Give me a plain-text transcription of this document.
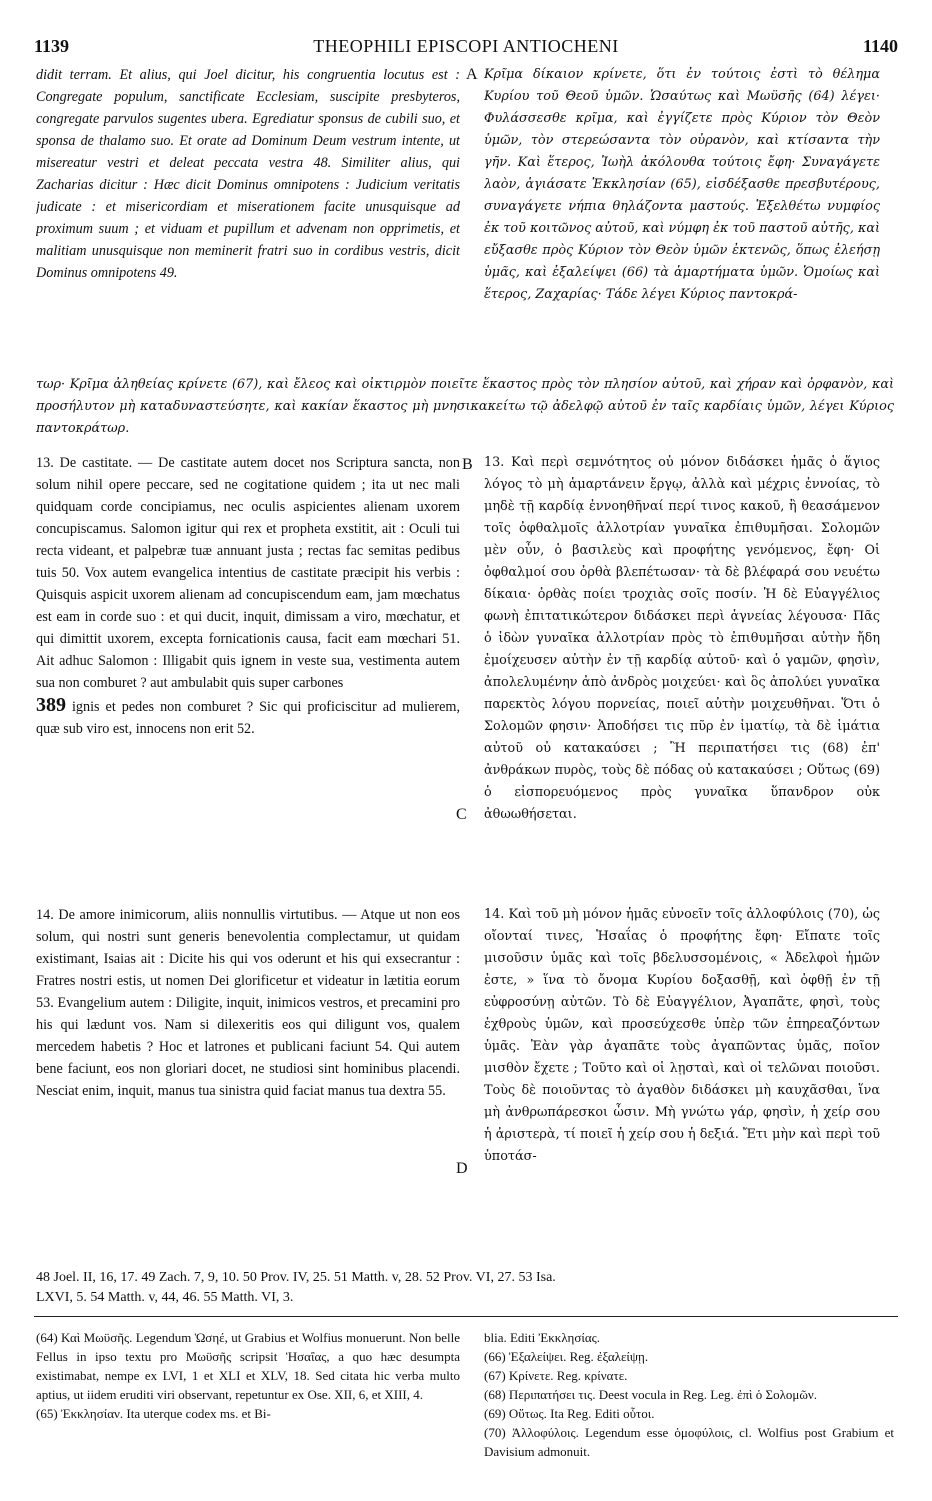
1139	THEOPHILI EPISCOPI ANTIOCHENI	1140

didit terram. Et alius, qui Joel dicitur, his congruentia locutus est : Congregate populum, sanctificate Ecclesiam, suscipite presbyteros, congregate parvulos sugentes ubera. Egrediatur sponsus de cubili suo, et sponsa de thalamo suo. Et orate ad Dominum Deum vestrum intente, ut misereatur vestri et deleat peccata vestra 48. Similiter alius, qui Zacharias dicitur : Hæc dicit Dominus omnipotens : Judicium veritatis judicate : et misericordiam et miserationem facite unusquisque ad proximum suum ; et viduam et pupillum et advenam non opprimetis, et malitiam unusquisque non meminerit fratri suo in cordibus vestris, dicit Dominus omnipotens 49.

A Κρῖμα δίκαιον κρίνετε, ὅτι ἐν τούτοις ἐστὶ τὸ θέλημα Κυρίου τοῦ Θεοῦ ὑμῶν. Ὡσαύτως καὶ Μωϋσῆς (64) λέγει· Φυλάσσεσθε κρῖμα, καὶ ἐγγίζετε πρὸς Κύριον τὸν Θεὸν ὑμῶν, τὸν στερεώσαντα τὸν οὐρανὸν, καὶ κτίσαντα τὴν γῆν. Καὶ ἕτερος, Ἰωὴλ ἀκόλουθα τούτοις ἔφη· Συναγάγετε λαὸν, ἁγιάσατε Ἐκκλησίαν (65), εἰσδέξασθε πρεσβυτέρους, συναγάγετε νήπια θηλάζοντα μαστούς. Ἐξελθέτω νυμφίος ἐκ τοῦ κοιτῶνος αὐτοῦ, καὶ νύμφη ἐκ τοῦ παστοῦ αὐτῆς, καὶ εὔξασθε πρὸς Κύριον τὸν Θεὸν ὑμῶν ἐκτενῶς, ὅπως ἐλεήσῃ ὑμᾶς, καὶ ἐξαλείψει (66) τὰ ἁμαρτήματα ὑμῶν. Ὁμοίως καὶ ἕτερος, Ζαχαρίας· Τάδε λέγει Κύριος παντοκρά-

τωρ· Κρῖμα ἀληθείας κρίνετε (67), καὶ ἔλεος καὶ οἰκτιρμὸν ποιεῖτε ἕκαστος πρὸς τὸν πλησίον αὐτοῦ, καὶ χήραν καὶ ὀρφανὸν, καὶ προσήλυτον μὴ καταδυναστεύσητε, καὶ κακίαν ἕκαστος μὴ μνησικακείτω τῷ ἀδελφῷ αὐτοῦ ἐν ταῖς καρδίαις ὑμῶν, λέγει Κύριος παντοκράτωρ.

13. De castitate. — De castitate autem docet nos Scriptura sancta, non solum nihil opere peccare, sed ne cogitatione quidem ; ita ut nec mali quidquam corde concipiamus, nec oculis aspicientes alienam uxorem concupiscamus. Salomon igitur qui rex et propheta exstitit, ait : Oculi tui recta videant, et palpebræ tuæ annuant justa ; rectas fac semitas pedibus tuis 50. Vox autem evangelica intentius de castitate præcipit his verbis : Quisquis aspicit uxorem alienam ad concupiscendum eam, jam mœchatus est eam in corde suo : et qui ducit, inquit, dimissam a viro, mœchatur, et qui dimittit uxorem, excepta fornicationis causa, facit eam mœchari 51. Ait adhuc Salomon : Illigabit quis ignem in veste sua, vestimenta autem sua non comburet ? aut ambulabit quis super carbones

389 ignis et pedes non comburet ? Sic qui proficiscitur ad mulierem, quæ sub viro est, innocens non erit 52.

B 13. Καὶ περὶ σεμνότητος οὐ μόνον διδάσκει ἡμᾶς ὁ ἅγιος λόγος τὸ μὴ ἁμαρτάνειν ἔργῳ, ἀλλὰ καὶ μέχρις ἐννοίας, τὸ μηδὲ τῇ καρδίᾳ ἐννοηθῆναί περί τινος κακοῦ, ἢ θεασάμενον τοῖς ὀφθαλμοῖς ἀλλοτρίαν γυναῖκα ἐπιθυμῆσαι. Σολομῶν μὲν οὖν, ὁ βασιλεὺς καὶ προφήτης γενόμενος, ἔφη· Οἱ ὀφθαλμοί σου ὀρθὰ βλεπέτωσαν· τὰ δὲ βλέφαρά σου νευέτω δίκαια· ὀρθὰς ποίει τροχιὰς σοῖς ποσίν. Ἡ δὲ Εὐαγγέλιος φωνὴ ἐπιτατικώτερον διδάσκει περὶ ἁγνείας λέγουσα· Πᾶς ὁ ἰδὼν γυναῖκα ἀλλοτρίαν πρὸς τὸ ἐπιθυμῆσαι αὐτὴν ἤδη ἐμοίχευσεν αὐτὴν ἐν τῇ καρδίᾳ αὐτοῦ· καὶ ὁ γαμῶν, φησὶν, ἀπολελυμένην ἀπὸ ἀνδρὸς μοιχεύει· καὶ ὃς ἀπολύει γυναῖκα παρεκτὸς λόγου πορνείας, ποιεῖ αὐτὴν μοιχευθῆναι. Ὅτι ὁ Σολομῶν φησιν· Ἀποδήσει τις πῦρ ἐν ἱματίῳ, τὰ δὲ ἱμάτια αὐτοῦ οὐ κατακαύσει ; Ἢ περιπατήσει τις (68) ἐπ' ἀνθράκων πυρὸς, τοὺς δὲ πόδας οὐ κατακαύσει ; Οὕτως (69) ὁ εἰσπορευόμενος πρὸς γυναῖκα ὕπανδρον οὐκ ἀθωωθήσεται.

C

14. De amore inimicorum, aliis nonnullis virtutibus. — Atque ut non eos solum, qui nostri sunt generis benevolentia complectamur, ut quidam existimant, Isaias ait : Dicite his qui vos oderunt et his qui exsecrantur : Fratres nostri estis, ut nomen Dei glorificetur et videatur in lætitia eorum 53. Evangelium autem : Diligite, inquit, inimicos vestros, et precamini pro his qui lædunt vos. Nam si dilexeritis eos qui diligunt vos, qualem mercedem habetis ? Hoc et latrones et publicani faciunt 54. Qui autem bene faciunt, eos non gloriari docet, ne studiosi sint hominibus placendi. Nesciat enim, inquit, manus tua sinistra quid faciat manus tua dextra 55.

D

14. Καὶ τοῦ μὴ μόνον ἡμᾶς εὐνοεῖν τοῖς ἀλλοφύλοις (70), ὡς οἴονταί τινες, Ἡσαΐας ὁ προφήτης ἔφη· Εἴπατε τοῖς μισοῦσιν ὑμᾶς καὶ τοῖς βδελυσσομένοις, « Ἀδελφοὶ ἡμῶν ἐστε, » ἵνα τὸ ὄνομα Κυρίου δοξασθῇ, καὶ ὀφθῇ ἐν τῇ εὐφροσύνῃ αὐτῶν. Τὸ δὲ Εὐαγγέλιον, Ἀγαπᾶτε, φησὶ, τοὺς ἐχθροὺς ὑμῶν, καὶ προσεύχεσθε ὑπὲρ τῶν ἐπηρεαζόντων ὑμᾶς. Ἐὰν γὰρ ἀγαπᾶτε τοὺς ἀγαπῶντας ὑμᾶς, ποῖον μισθὸν ἔχετε ; Τοῦτο καὶ οἱ λῃσταὶ, καὶ οἱ τελῶναι ποιοῦσι. Τοὺς δὲ ποιοῦντας τὸ ἀγαθὸν διδάσκει μὴ καυχᾶσθαι, ἵνα μὴ ἀνθρωπάρεσκοι ὦσιν. Μὴ γνώτω γάρ, φησὶν, ἡ χείρ σου ἡ ἀριστερὰ, τί ποιεῖ ἡ χείρ σου ἡ δεξιά. Ἔτι μὴν καὶ περὶ τοῦ ὑποτάσ-

48 Joel. II, 16, 17. 49 Zach. 7, 9, 10. 50 Prov. IV, 25. 51 Matth. v, 28. 52 Prov. VI, 27. 53 Isa.
LXVI, 5. 54 Matth. v, 44, 46. 55 Matth. VI, 3.
(64) Καὶ Μωϋσῆς. Legendum Ὡσηέ, ut Grabius et Wolfius monuerunt. Non belle Fellus in ipso textu pro Μωϋσῆς scripsit Ἡσαΐας, a quo hæc desumpta existimabat, nempe ex LVI, 1 et XLI et XLV, 18. Sed citata hic verba multo aptius, ut iidem eruditi viri observant, repetuntur ex Ose. XII, 6, et XIII, 4.
(65) Ἐκκλησίαν. Ita uterque codex ms. et Bi-
blia. Editi Ἐκκλησίας.
(66) Ἐξαλείψει. Reg. ἐξαλείψῃ.
(67) Κρίνετε. Reg. κρίνατε.
(68) Περιπατήσει τις. Deest vocula in Reg. Leg. ἐπὶ ὁ Σολομῶν.
(69) Οὕτως. Ita Reg. Editi οὗτοι.
(70) Ἀλλοφύλοις. Legendum esse ὁμοφύλοις, cl. Wolfius post Grabium et Davisium admonuit.
